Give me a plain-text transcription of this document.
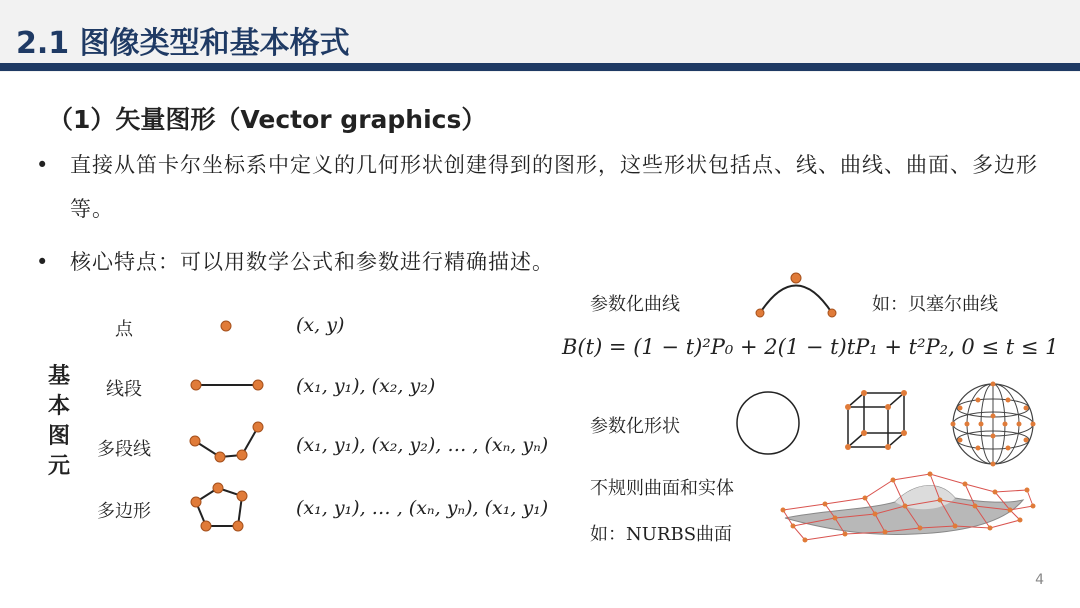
2.1 图像类型和基本格式
（1）矢量图形（Vector graphics）
• 直接从笛卡尔坐标系中定义的几何形状创建得到的图形，这些形状包括点、线、曲线、曲面、多边形等。
• 核心特点：可以用数学公式和参数进行精确描述。
基
本
图
元
点	(x, y)
线段	(x₁, y₁), (x₂, y₂)
多段线	(x₁, y₁), (x₂, y₂), … , (xₙ, yₙ)
多边形	(x₁, y₁), … , (xₙ, yₙ), (x₁, y₁)
参数化曲线	如：贝塞尔曲线
B(t) = (1 − t)²P₀ + 2(1 − t)tP₁ + t²P₂, 0 ≤ t ≤ 1
参数化形状
不规则曲面和实体
如：NURBS曲面
4
